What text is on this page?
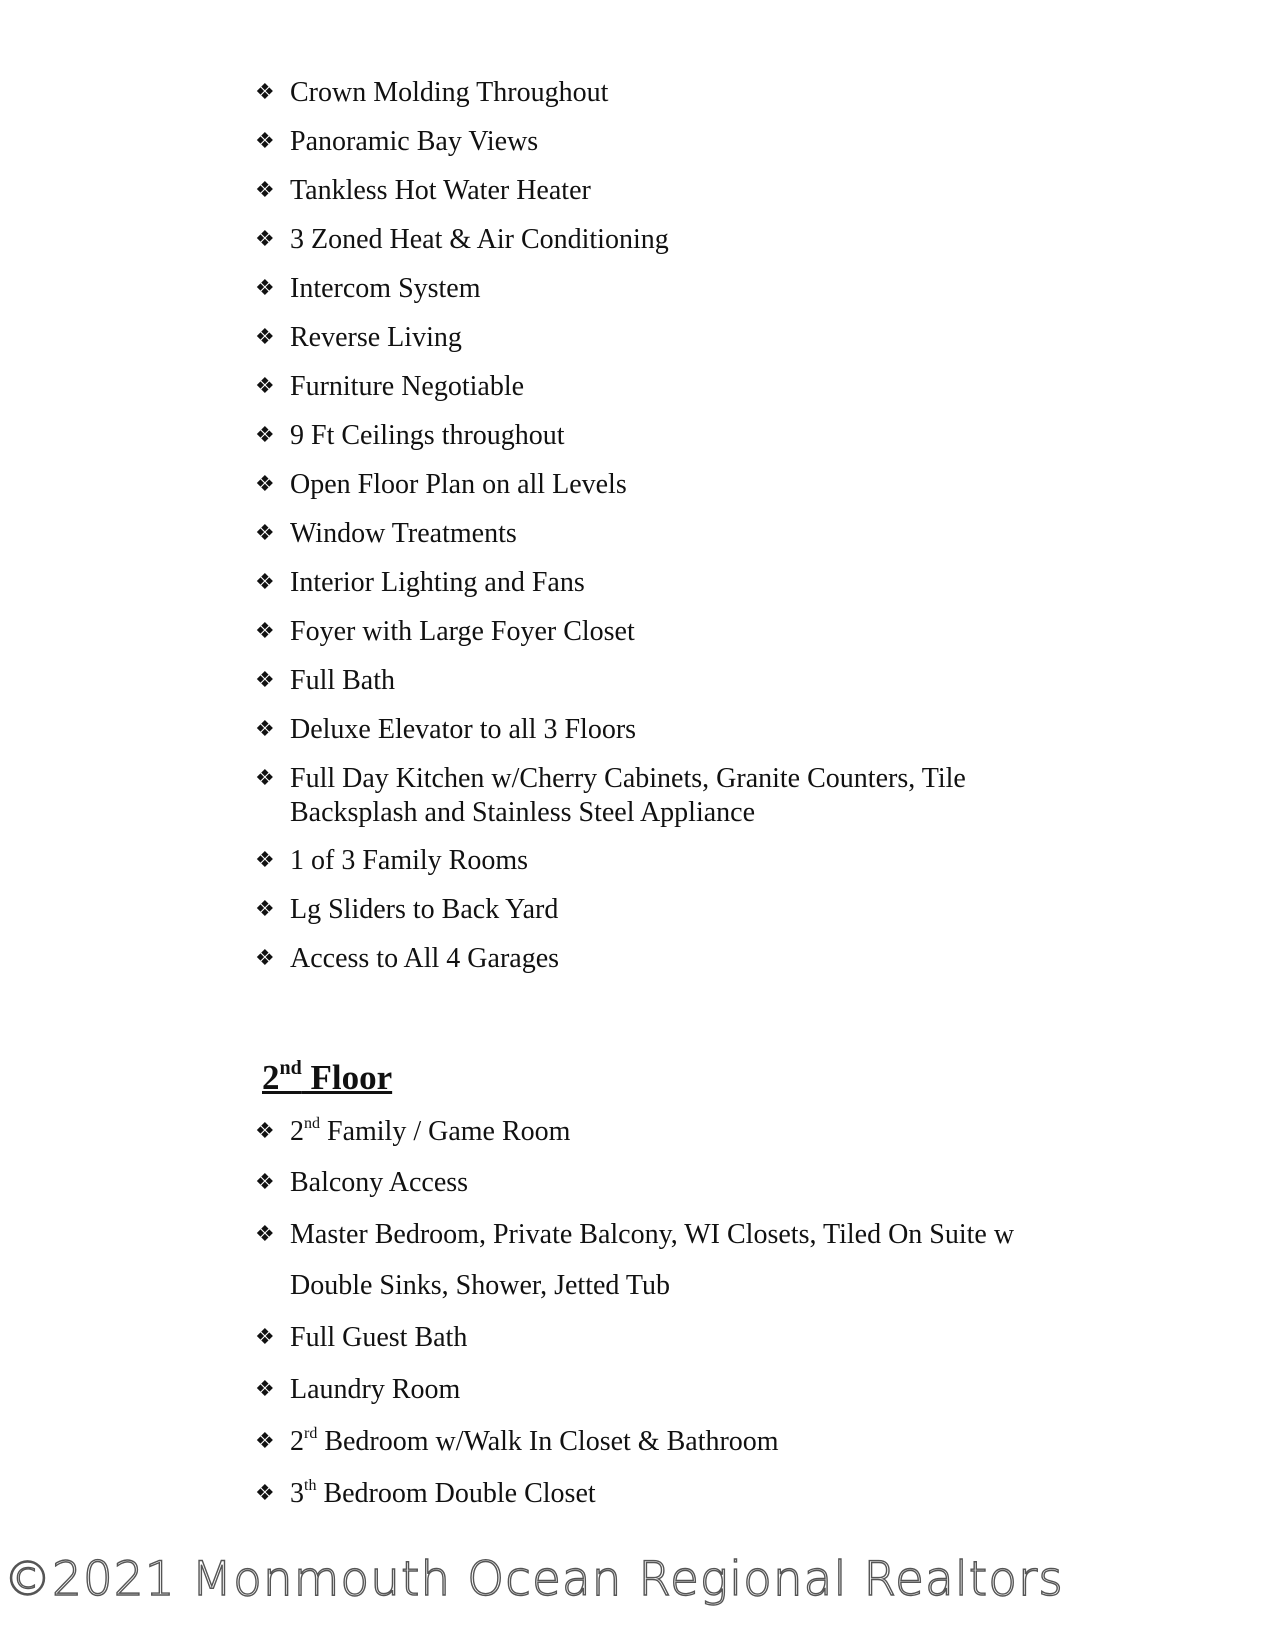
❖ Crown Molding Throughout
❖ Panoramic Bay Views
❖ Tankless Hot Water Heater
❖ 3 Zoned Heat & Air Conditioning
❖ Intercom System
❖ Reverse Living
❖ Furniture Negotiable
❖ 9 Ft Ceilings throughout
❖ Open Floor Plan on all Levels
❖ Window Treatments
❖ Interior Lighting and Fans
❖ Foyer with Large Foyer Closet
❖ Full Bath
❖ Deluxe Elevator to all 3 Floors
❖ Full Day Kitchen w/Cherry Cabinets, Granite Counters, Tile
Backsplash and Stainless Steel Appliance
❖ 1 of 3 Family Rooms
❖ Lg Sliders to Back Yard
❖ Access to All 4 Garages
2nd Floor
❖ 2nd Family / Game Room
❖ Balcony Access
❖ Master Bedroom, Private Balcony, WI Closets, Tiled On Suite w
Double Sinks, Shower, Jetted Tub
❖ Full Guest Bath
❖ Laundry Room
❖ 2rd Bedroom w/Walk In Closet & Bathroom
❖ 3th Bedroom Double Closet
©2021 Monmouth Ocean Regional Realtors
